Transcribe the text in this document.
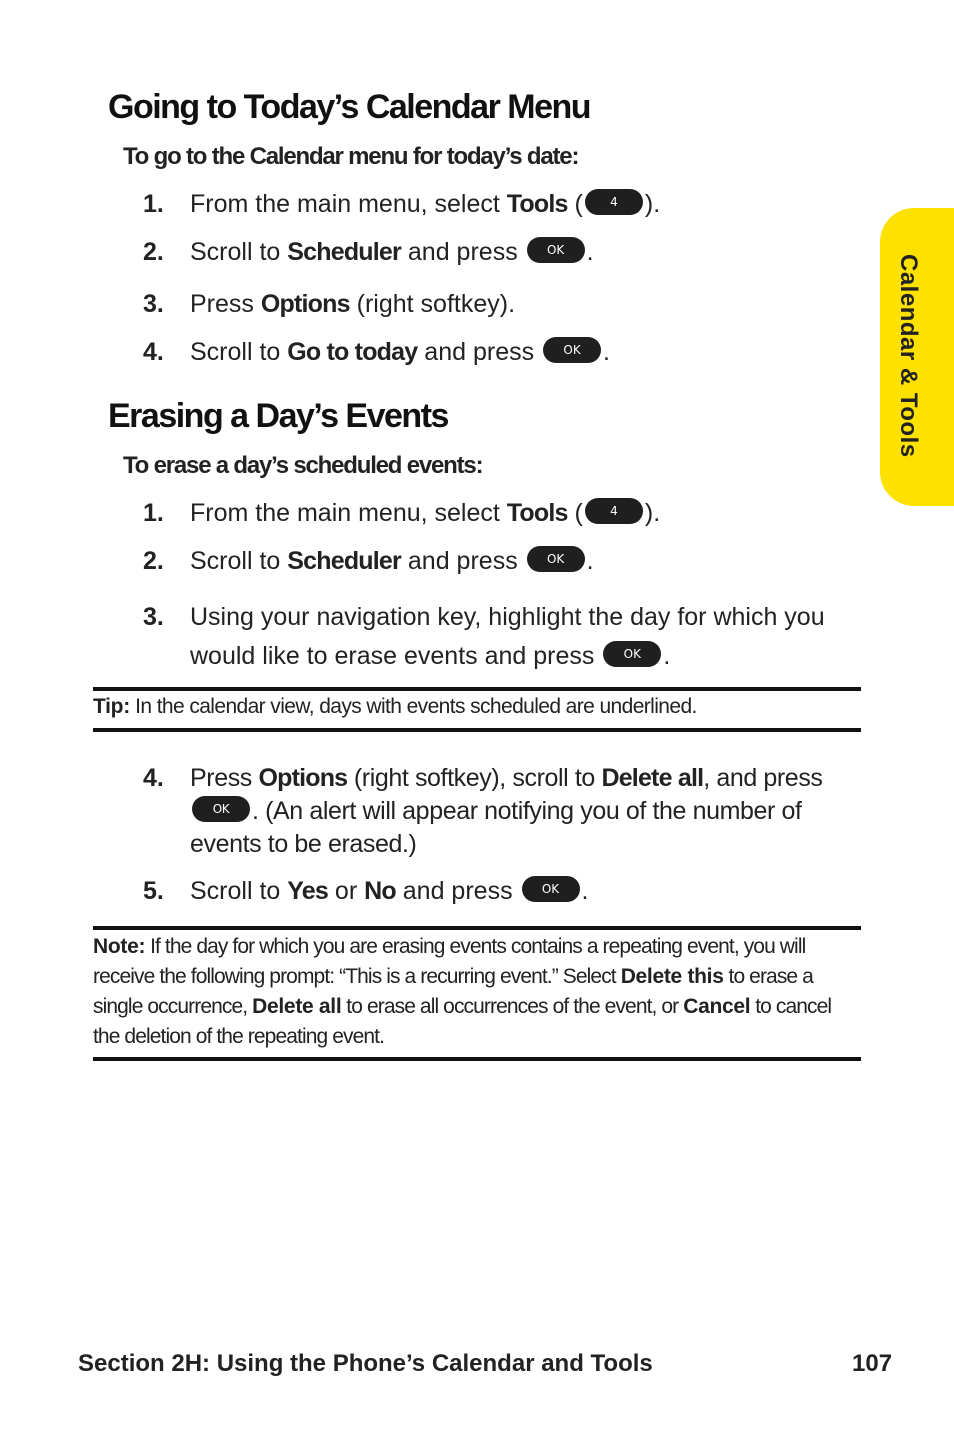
Calendar & Tools
Going to Today’s Calendar Menu

To go to the Calendar menu for today’s date:

1. From the main menu, select Tools ( 4 ).
2. Scroll to Scheduler and press OK .
3. Press Options (right softkey).
4. Scroll to Go to today and press OK .
Erasing a Day’s Events

To erase a day’s scheduled events:

1. From the main menu, select Tools ( 4 ).
2. Scroll to Scheduler and press OK .
3. Using your navigation key, highlight the day for which you would like to erase events and press OK .
Tip: In the calendar view, days with events scheduled are underlined.
4. Press Options (right softkey), scroll to Delete all, and press OK . (An alert will appear notifying you of the number of events to be erased.)
5. Scroll to Yes or No and press OK .
Note: If the day for which you are erasing events contains a repeating event, you will receive the following prompt: “This is a recurring event.” Select Delete this to erase a single occurrence, Delete all to erase all occurrences of the event, or Cancel to cancel the deletion of the repeating event.
Section 2H: Using the Phone’s Calendar and Tools	107
